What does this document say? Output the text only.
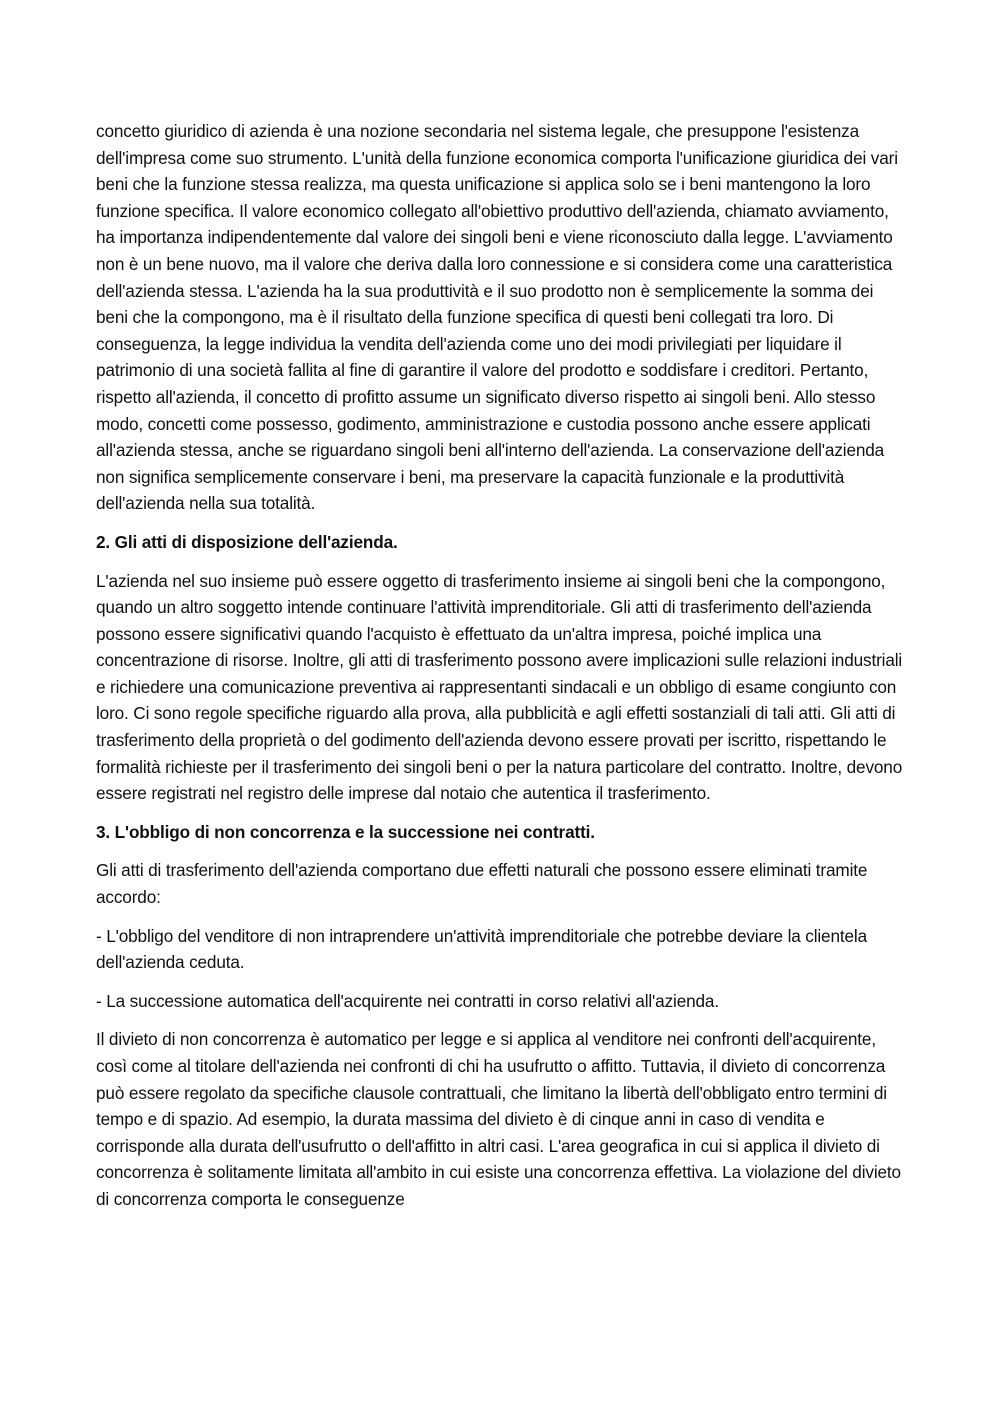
concetto giuridico di azienda è una nozione secondaria nel sistema legale, che presuppone l'esistenza dell'impresa come suo strumento. L'unità della funzione economica comporta l'unificazione giuridica dei vari beni che la funzione stessa realizza, ma questa unificazione si applica solo se i beni mantengono la loro funzione specifica. Il valore economico collegato all'obiettivo produttivo dell'azienda, chiamato avviamento, ha importanza indipendentemente dal valore dei singoli beni e viene riconosciuto dalla legge. L'avviamento non è un bene nuovo, ma il valore che deriva dalla loro connessione e si considera come una caratteristica dell'azienda stessa. L'azienda ha la sua produttività e il suo prodotto non è semplicemente la somma dei beni che la compongono, ma è il risultato della funzione specifica di questi beni collegati tra loro. Di conseguenza, la legge individua la vendita dell'azienda come uno dei modi privilegiati per liquidare il patrimonio di una società fallita al fine di garantire il valore del prodotto e soddisfare i creditori. Pertanto, rispetto all'azienda, il concetto di profitto assume un significato diverso rispetto ai singoli beni. Allo stesso modo, concetti come possesso, godimento, amministrazione e custodia possono anche essere applicati all'azienda stessa, anche se riguardano singoli beni all'interno dell'azienda. La conservazione dell'azienda non significa semplicemente conservare i beni, ma preservare la capacità funzionale e la produttività dell'azienda nella sua totalità.

2. Gli atti di disposizione dell'azienda.

L'azienda nel suo insieme può essere oggetto di trasferimento insieme ai singoli beni che la compongono, quando un altro soggetto intende continuare l'attività imprenditoriale. Gli atti di trasferimento dell'azienda possono essere significativi quando l'acquisto è effettuato da un'altra impresa, poiché implica una concentrazione di risorse. Inoltre, gli atti di trasferimento possono avere implicazioni sulle relazioni industriali e richiedere una comunicazione preventiva ai rappresentanti sindacali e un obbligo di esame congiunto con loro. Ci sono regole specifiche riguardo alla prova, alla pubblicità e agli effetti sostanziali di tali atti. Gli atti di trasferimento della proprietà o del godimento dell'azienda devono essere provati per iscritto, rispettando le formalità richieste per il trasferimento dei singoli beni o per la natura particolare del contratto. Inoltre, devono essere registrati nel registro delle imprese dal notaio che autentica il trasferimento.

3. L'obbligo di non concorrenza e la successione nei contratti.

Gli atti di trasferimento dell'azienda comportano due effetti naturali che possono essere eliminati tramite accordo:

- L'obbligo del venditore di non intraprendere un'attività imprenditoriale che potrebbe deviare la clientela dell'azienda ceduta.

- La successione automatica dell'acquirente nei contratti in corso relativi all'azienda.

Il divieto di non concorrenza è automatico per legge e si applica al venditore nei confronti dell'acquirente, così come al titolare dell'azienda nei confronti di chi ha usufrutto o affitto. Tuttavia, il divieto di concorrenza può essere regolato da specifiche clausole contrattuali, che limitano la libertà dell'obbligato entro termini di tempo e di spazio. Ad esempio, la durata massima del divieto è di cinque anni in caso di vendita e corrisponde alla durata dell'usufrutto o dell'affitto in altri casi. L'area geografica in cui si applica il divieto di concorrenza è solitamente limitata all'ambito in cui esiste una concorrenza effettiva. La violazione del divieto di concorrenza comporta le conseguenze
